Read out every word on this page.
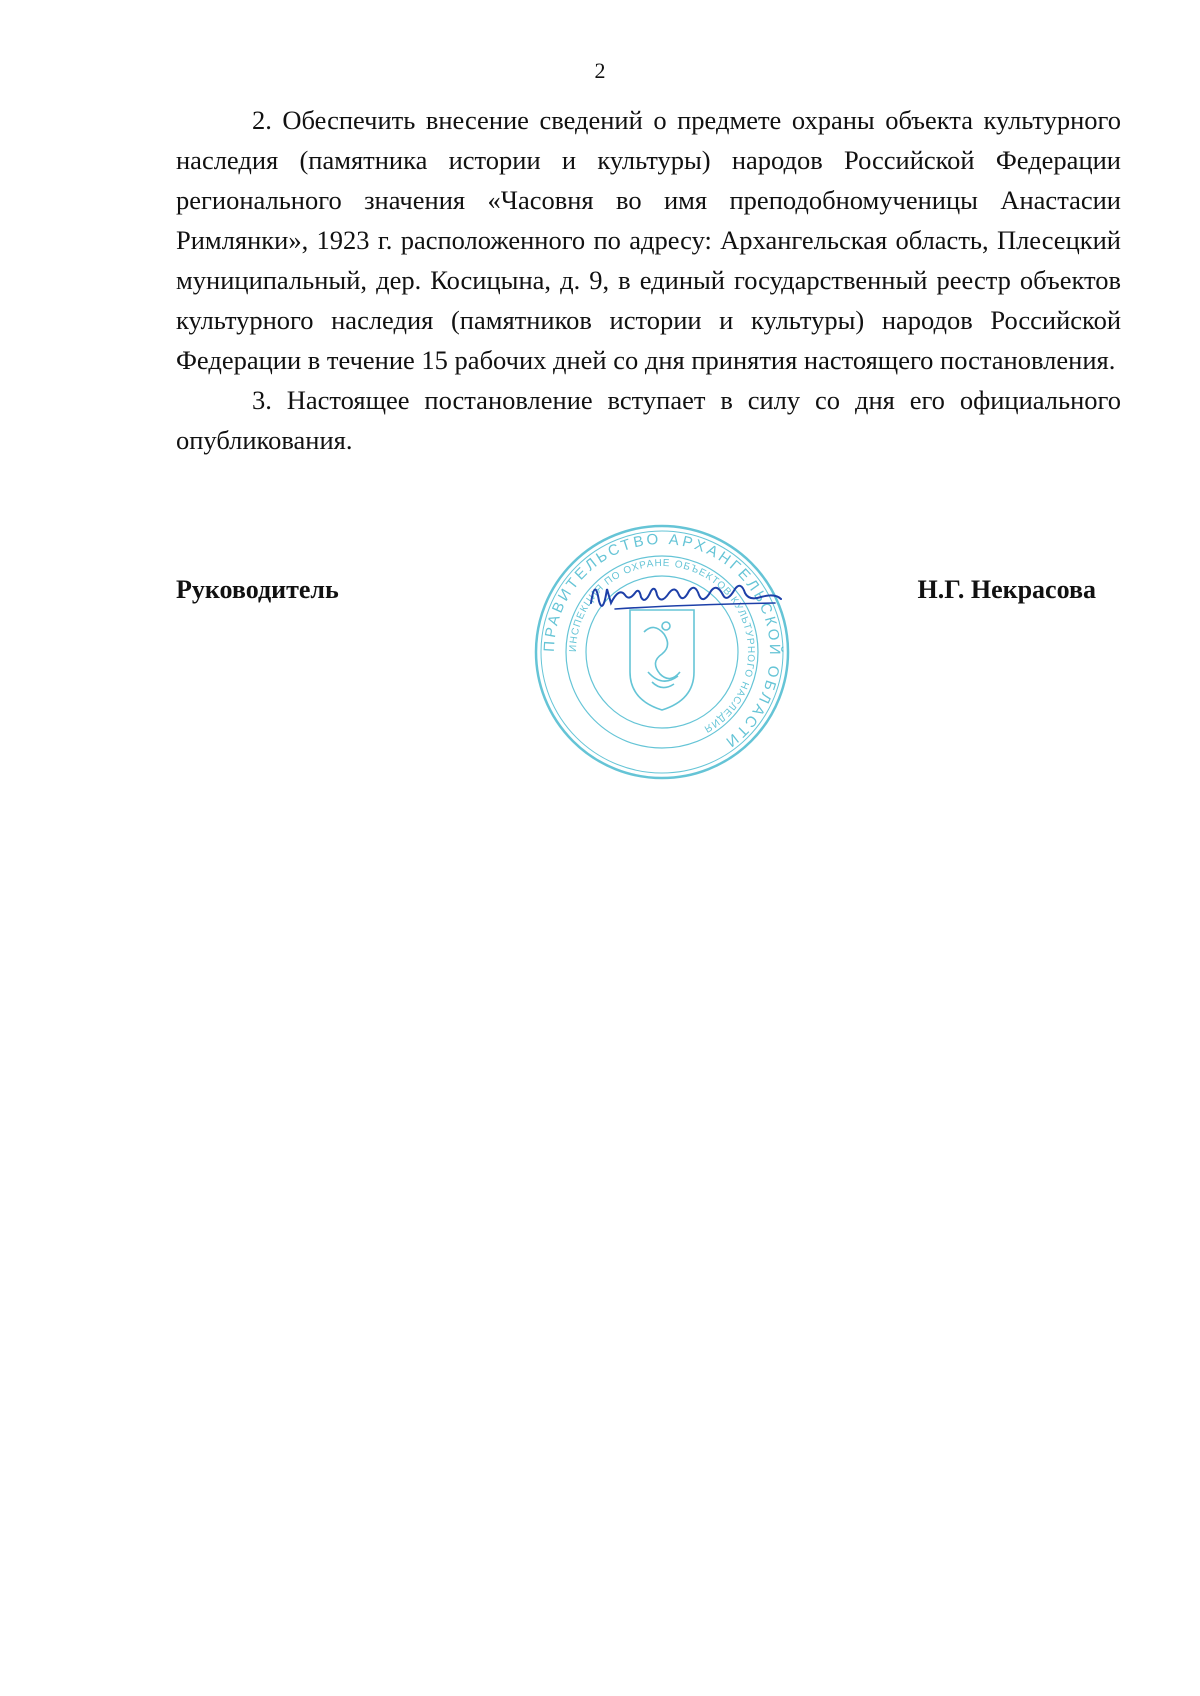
2

2. Обеспечить внесение сведений о предмете охраны объекта культурного наследия (памятника истории и культуры) народов Российской Федерации регионального значения «Часовня во имя преподобномученицы Анастасии Римлянки», 1923 г. расположенного по адресу: Архангельская область, Плесецкий муниципальный, дер. Косицына, д. 9, в единый государственный реестр объектов культурного наследия (памятников истории и культуры) народов Российской Федерации в течение 15 рабочих дней со дня принятия настоящего постановления.

3. Настоящее постановление вступает в силу со дня его официального опубликования.

ПРАВИТЕЛЬСТВО АРХАНГЕЛЬСКОЙ ОБЛАСТИ
ИНСПЕКЦИЯ ПО ОХРАНЕ ОБЪЕКТОВ КУЛЬТУРНОГО НАСЛЕДИЯ
Руководитель	Н.Г. Некрасова
